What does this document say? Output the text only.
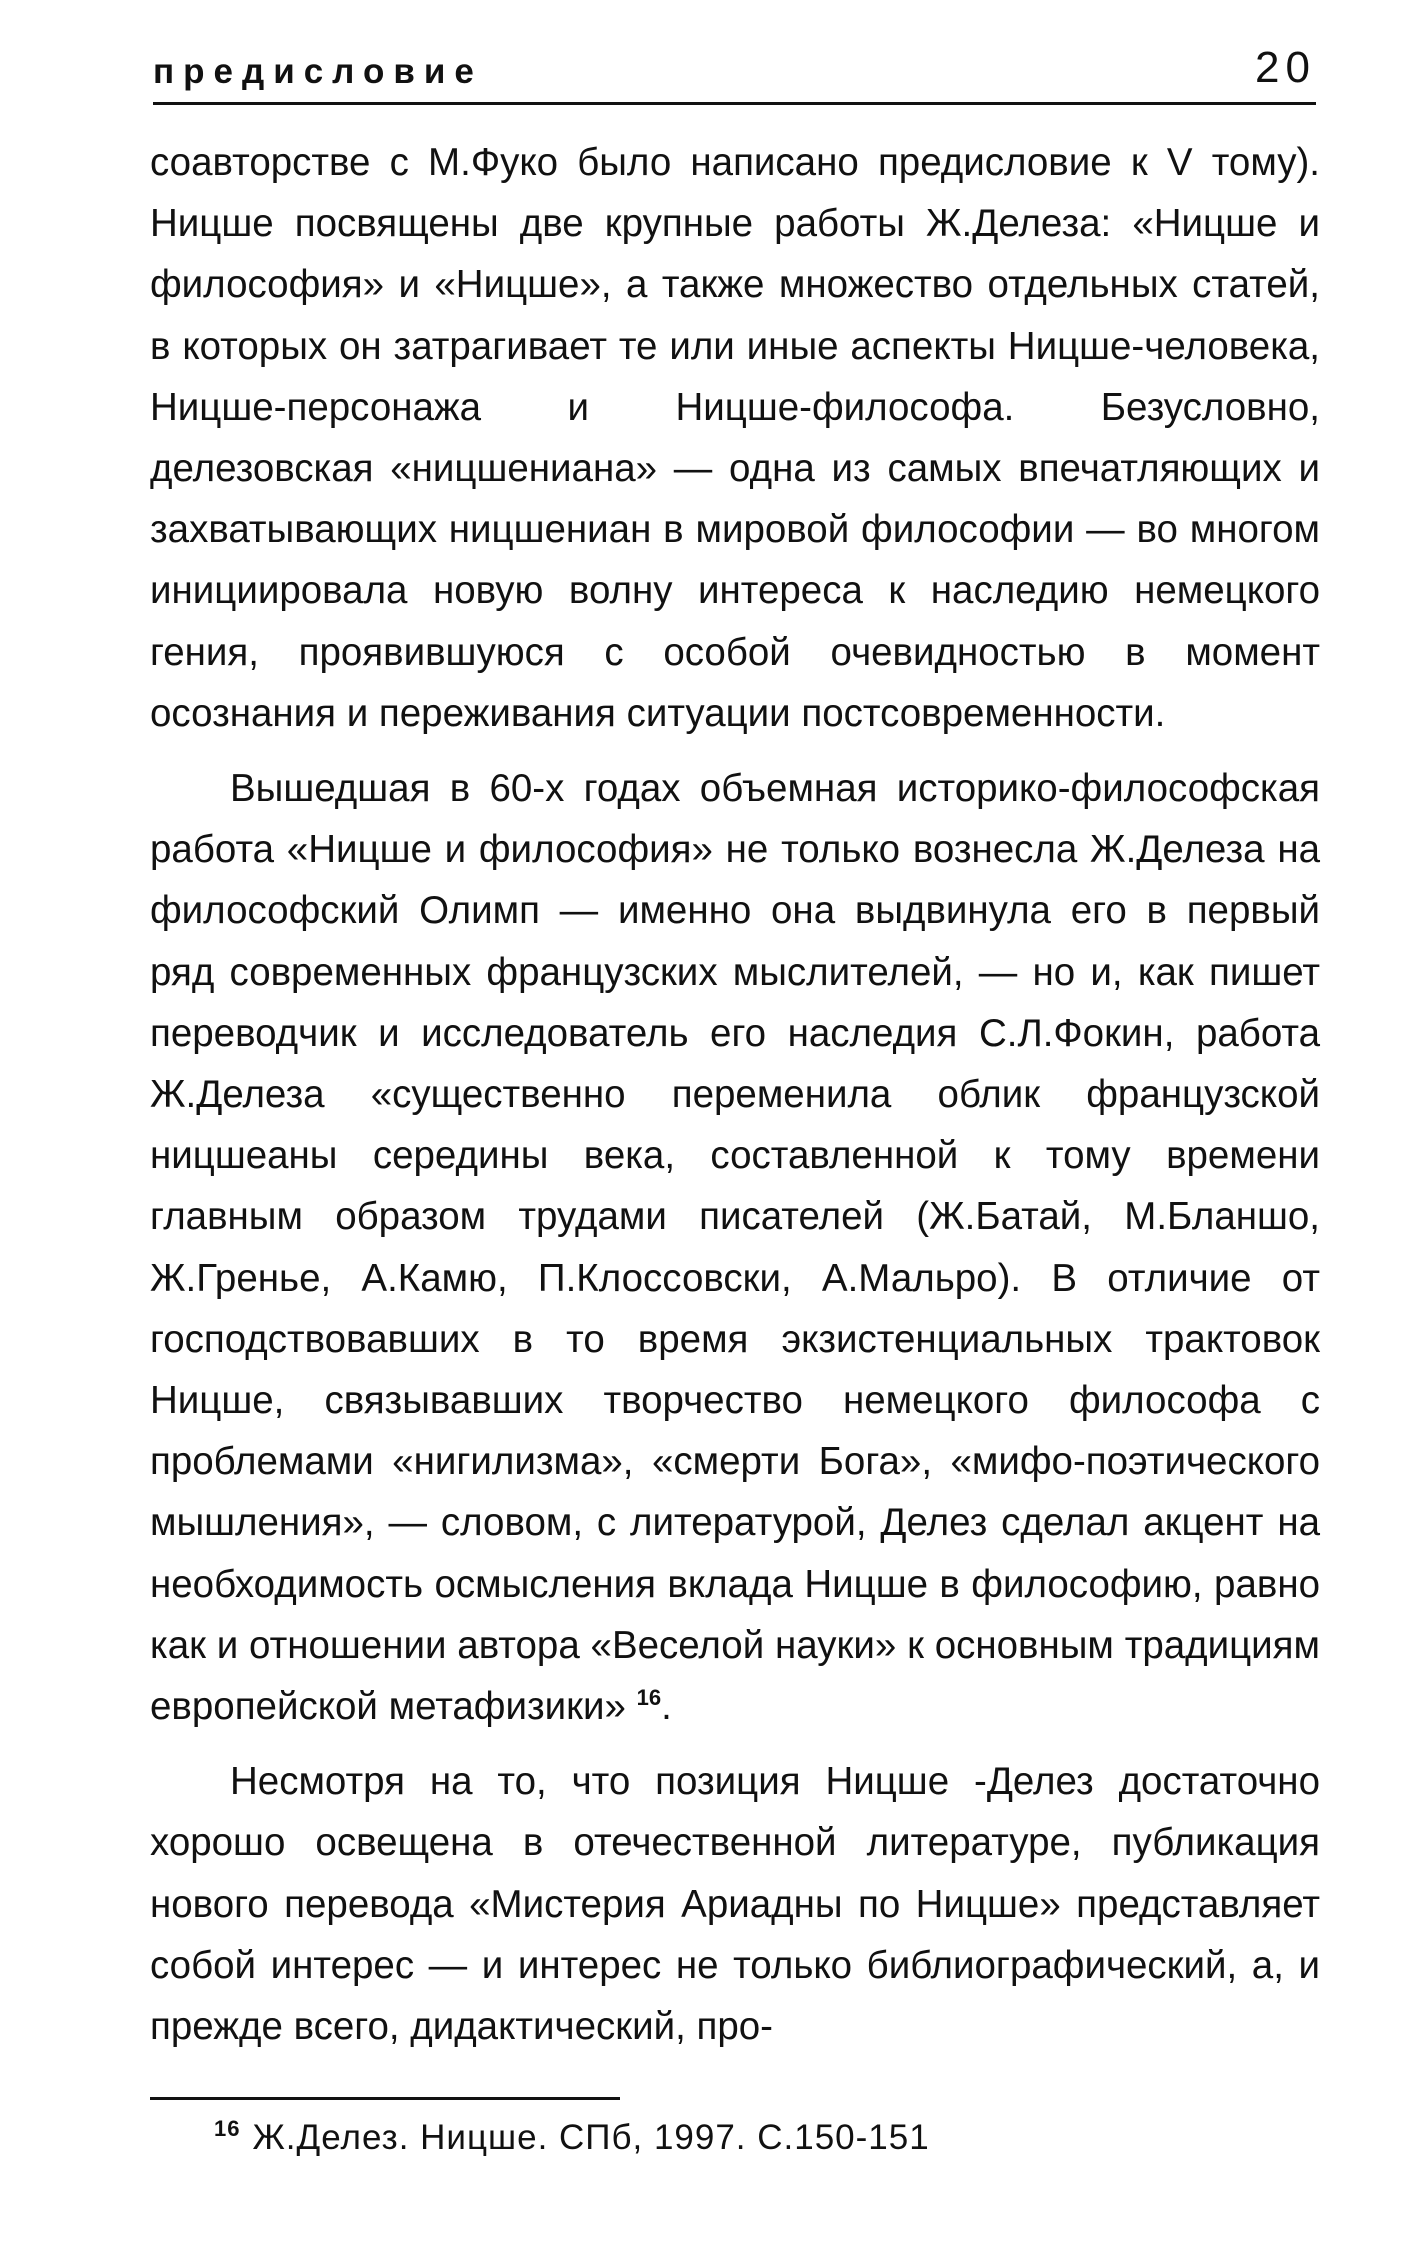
предисловие	20

соавторстве с М.Фуко было написано предисловие к V тому). Ницше посвящены две крупные работы Ж.Делеза: «Ницше и философия» и «Ницше», а также множество отдельных статей, в которых он затрагивает те или иные аспекты Ницше-человека, Ницше-персонажа и Ницше-философа. Безусловно, делезовская «ницшениана» — одна из самых впечатляющих и захватывающих ницшениан в мировой философии — во многом инициировала новую волну интереса к наследию немецкого гения, проявившуюся с особой очевидностью в момент осознания и переживания ситуации постсовременности.

Вышедшая в 60-х годах объемная историко-философская работа «Ницше и философия» не только вознесла Ж.Делеза на философский Олимп — именно она выдвинула его в первый ряд современных французских мыслителей, — но и, как пишет переводчик и исследователь его наследия С.Л.Фокин, работа Ж.Делеза «существенно переменила облик французской ницшеаны середины века, составленной к тому времени главным образом трудами писателей (Ж.Батай, М.Бланшо, Ж.Гренье, А.Камю, П.Клоссовски, А.Мальро). В отличие от господствовавших в то время экзистенциальных трактовок Ницше, связывавших творчество немецкого философа с проблемами «нигилизма», «смерти Бога», «мифо-поэтического мышления», — словом, с литературой, Делез сделал акцент на необходимость осмысления вклада Ницше в философию, равно как и отношении автора «Веселой науки» к основным традициям европейской метафизики» $^{16}$.

Несмотря на то, что позиция Ницше -Делез достаточно хорошо освещена в отечественной литературе, публикация нового перевода «Мистерия Ариадны по Ницше» представляет собой интерес — и интерес не только библиографический, а, и прежде всего, дидактический, про-

$^{16}$ Ж.Делез. Ницше. СПб, 1997. С.150-151
